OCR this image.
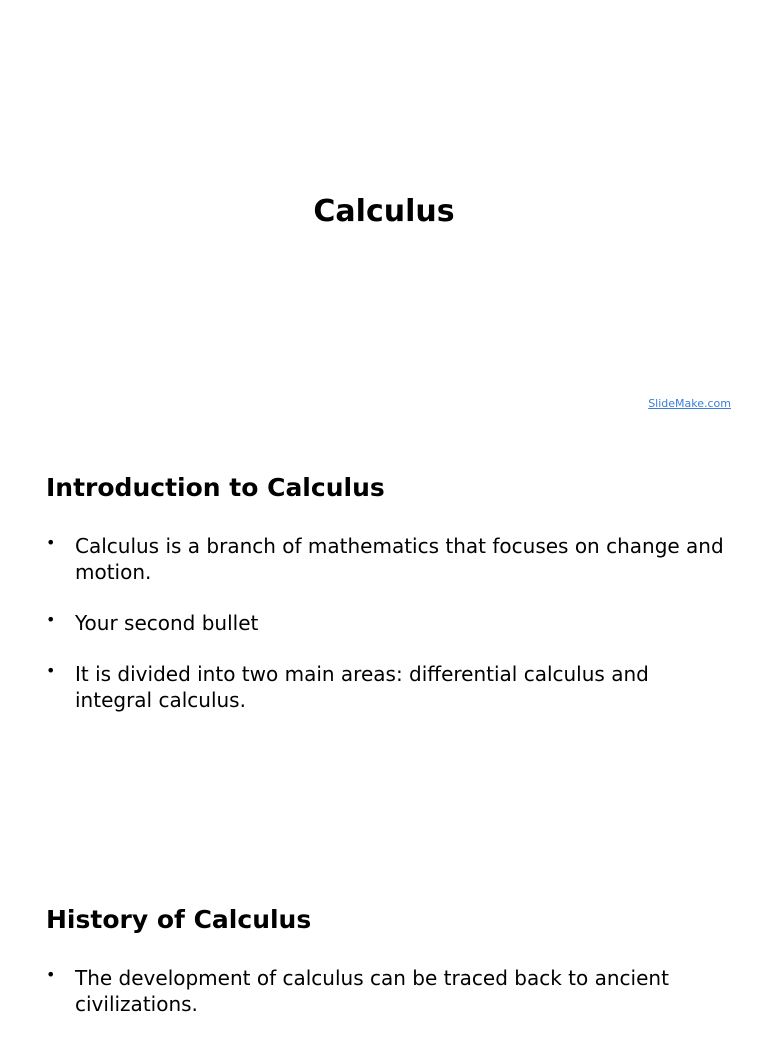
Calculus
SlideMake.com
Introduction to Calculus
• Calculus is a branch of mathematics that focuses on change and motion.
• Your second bullet
• It is divided into two main areas: differential calculus and integral calculus.
History of Calculus
• The development of calculus can be traced back to ancient civilizations.
